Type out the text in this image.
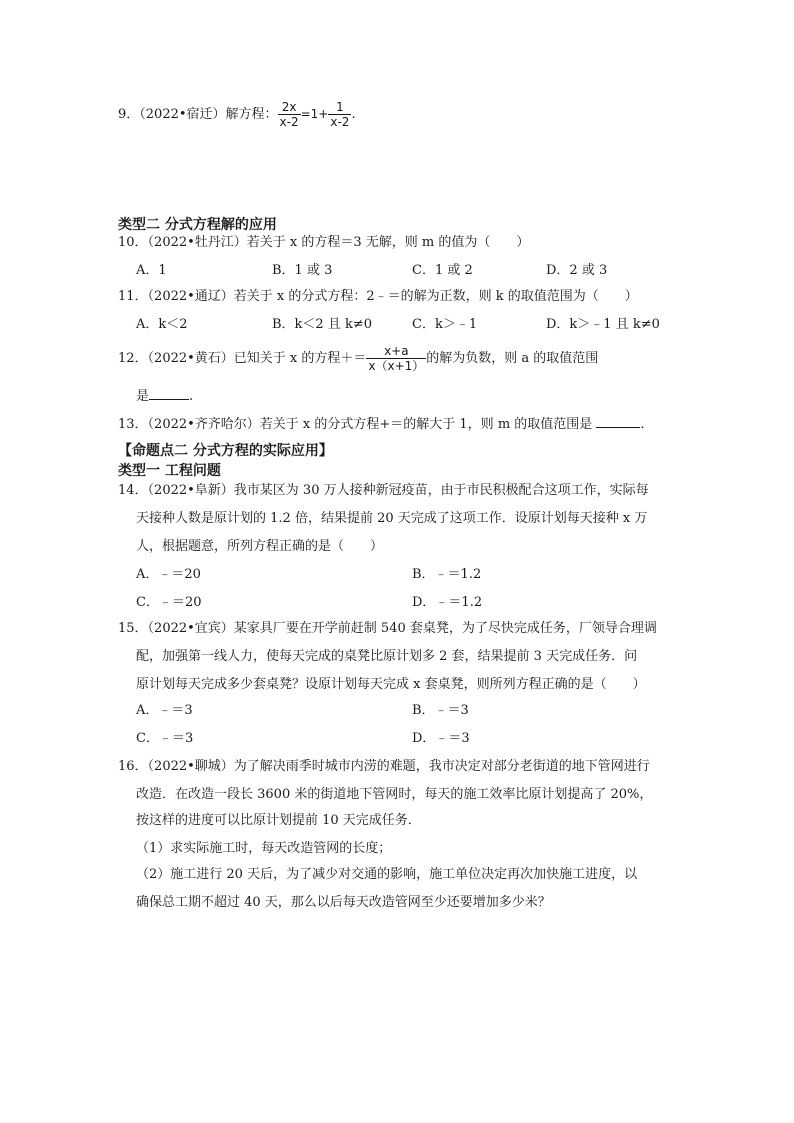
9．（2022•宿迁）解方程： $\frac{2x}{x-2} =1+ \frac{1}{x-2}$ .
类型二 分式方程解的应用
10．（2022•牡丹江）若关于 x 的方程＝3 无解，则 m 的值为（　　）
A．1	B．1 或 3	C．1 或 2	D．2 或 3
11．（2022•通辽）若关于 x 的分式方程：2﹣＝的解为正数，则 k 的取值范围为（　　）
A．k＜2	B．k＜2 且 k≠0	C．k＞﹣1	D．k＞﹣1 且 k≠0
12．（2022•黄石）已知关于 x 的方程＋＝ $\frac{x+a}{x(x+1)}$ 的解为负数，则 a 的取值范围
是	.
13．（2022•齐齐哈尔）若关于 x 的分式方程+＝的解大于 1，则 m 的取值范围是	．
【命题点二 分式方程的实际应用】
类型一 工程问题
14．（2022•阜新）我市某区为 30 万人接种新冠疫苗，由于市民积极配合这项工作，实际每
天接种人数是原计划的 1.2 倍，结果提前 20 天完成了这项工作．设原计划每天接种 x 万
人，根据题意，所列方程正确的是（　　）
A．﹣＝20	B．﹣＝1.2
C．﹣＝20	D．﹣＝1.2
15．（2022•宜宾）某家具厂要在开学前赶制 540 套桌凳，为了尽快完成任务，厂领导合理调
配，加强第一线人力，使每天完成的桌凳比原计划多 2 套，结果提前 3 天完成任务．问
原计划每天完成多少套桌凳？设原计划每天完成 x 套桌凳，则所列方程正确的是（　　）
A．﹣＝3	B．﹣＝3
C．﹣＝3	D．﹣＝3
16．（2022•聊城）为了解决雨季时城市内涝的难题，我市决定对部分老街道的地下管网进行
改造．在改造一段长 3600 米的街道地下管网时，每天的施工效率比原计划提高了 20%，
按这样的进度可以比原计划提前 10 天完成任务．
（1）求实际施工时，每天改造管网的长度；
（2）施工进行 20 天后，为了减少对交通的影响，施工单位决定再次加快施工进度，以
确保总工期不超过 40 天，那么以后每天改造管网至少还要增加多少米？
